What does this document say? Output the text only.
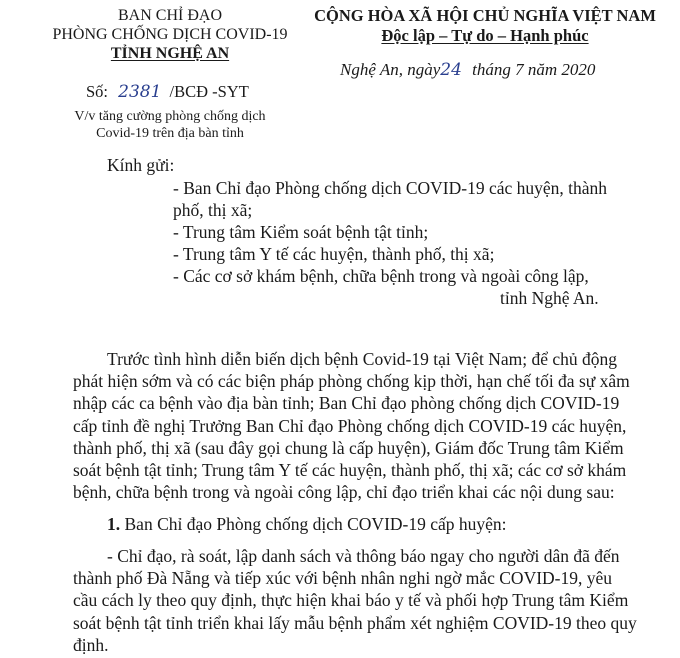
BAN CHỈ ĐẠO
PHÒNG CHỐNG DỊCH COVID-19
TỈNH NGHỆ AN
Số: 2381 /BCĐ -SYT
V/v tăng cường phòng chống dịch
Covid-19 trên địa bàn tỉnh
CỘNG HÒA XÃ HỘI CHỦ NGHĨA VIỆT NAM
Độc lập – Tự do – Hạnh phúc
Nghệ An, ngày24 tháng 7 năm 2020
Kính gửi:
- Ban Chỉ đạo Phòng chống dịch COVID-19 các huyện, thành
phố, thị xã;
- Trung tâm Kiểm soát bệnh tật tỉnh;
- Trung tâm Y tế các huyện, thành phố, thị xã;
- Các cơ sở khám bệnh, chữa bệnh trong và ngoài công lập,
tỉnh Nghệ An.
Trước tình hình diễn biến dịch bệnh Covid-19 tại Việt Nam; để chủ động
phát hiện sớm và có các biện pháp phòng chống kịp thời, hạn chế tối đa sự xâm
nhập các ca bệnh vào địa bàn tỉnh; Ban Chỉ đạo phòng chống dịch COVID-19
cấp tỉnh đề nghị Trưởng Ban Chỉ đạo Phòng chống dịch COVID-19 các huyện,
thành phố, thị xã (sau đây gọi chung là cấp huyện), Giám đốc Trung tâm Kiểm
soát bệnh tật tỉnh; Trung tâm Y tế các huyện, thành phố, thị xã; các cơ sở khám
bệnh, chữa bệnh trong và ngoài công lập, chỉ đạo triển khai các nội dung sau:
1. Ban Chỉ đạo Phòng chống dịch COVID-19 cấp huyện:
- Chỉ đạo, rà soát, lập danh sách và thông báo ngay cho người dân đã đến
thành phố Đà Nẵng và tiếp xúc với bệnh nhân nghi ngờ mắc COVID-19, yêu
cầu cách ly theo quy định, thực hiện khai báo y tế và phối hợp Trung tâm Kiểm
soát bệnh tật tỉnh triển khai lấy mẫu bệnh phẩm xét nghiệm COVID-19 theo quy
định.
